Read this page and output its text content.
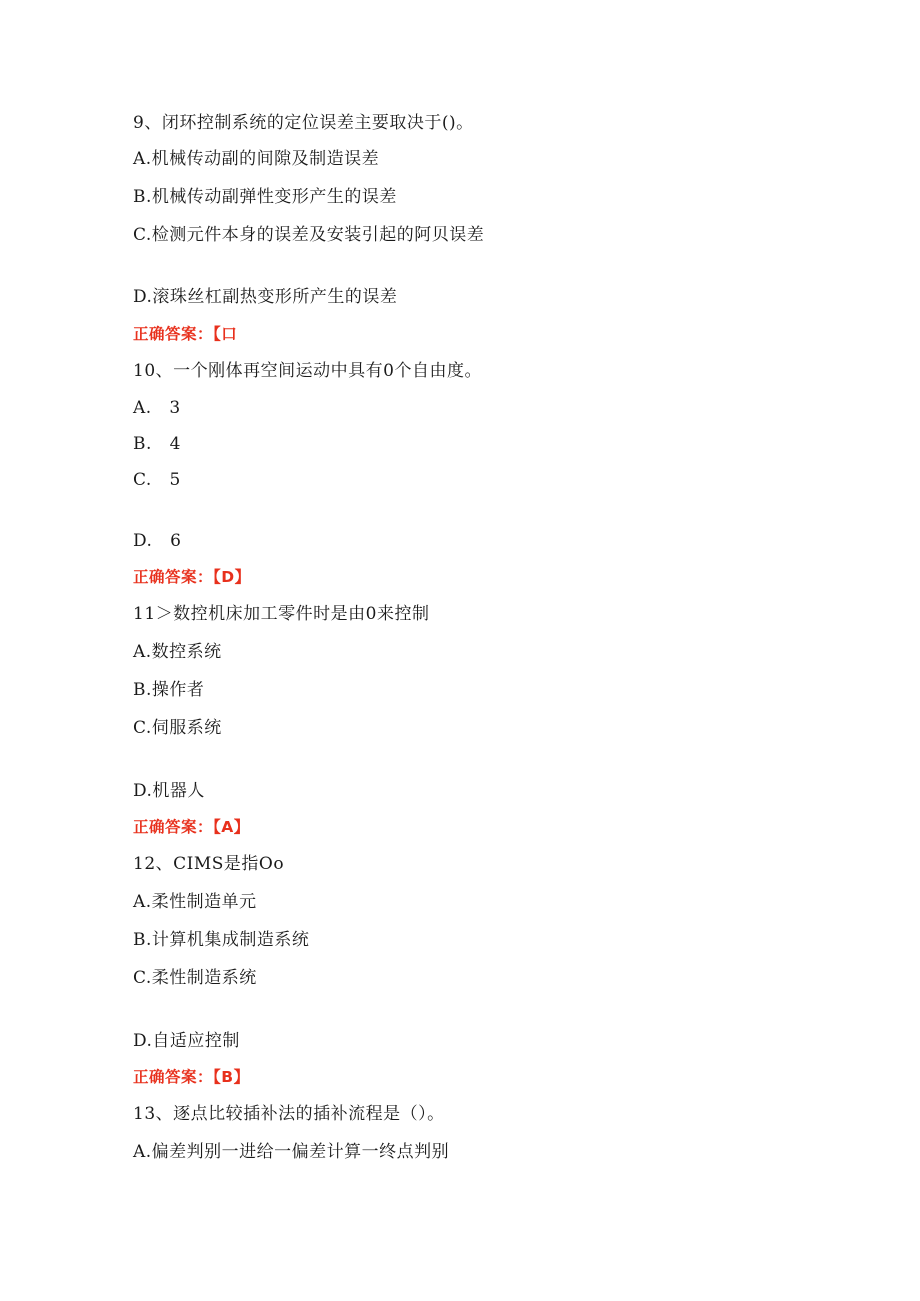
9、闭环控制系统的定位误差主要取决于()。
A.机械传动副的间隙及制造误差
B.机械传动副弹性变形产生的误差
C.检测元件本身的误差及安装引起的阿贝误差
D.滚珠丝杠副热变形所产生的误差
正确答案：【口
10、一个刚体再空间运动中具有0个自由度。
A.   3
B.   4
C.   5
D.   6
正确答案：【D】
11＞数控机床加工零件时是由0来控制
A.数控系统
B.操作者
C.伺服系统
D.机器人
正确答案：【A】
12、CIMS是指Oo
A.柔性制造单元
B.计算机集成制造系统
C.柔性制造系统
D.自适应控制
正确答案：【B】
13、逐点比较插补法的插补流程是（）。
A.偏差判别一进给一偏差计算一终点判别
